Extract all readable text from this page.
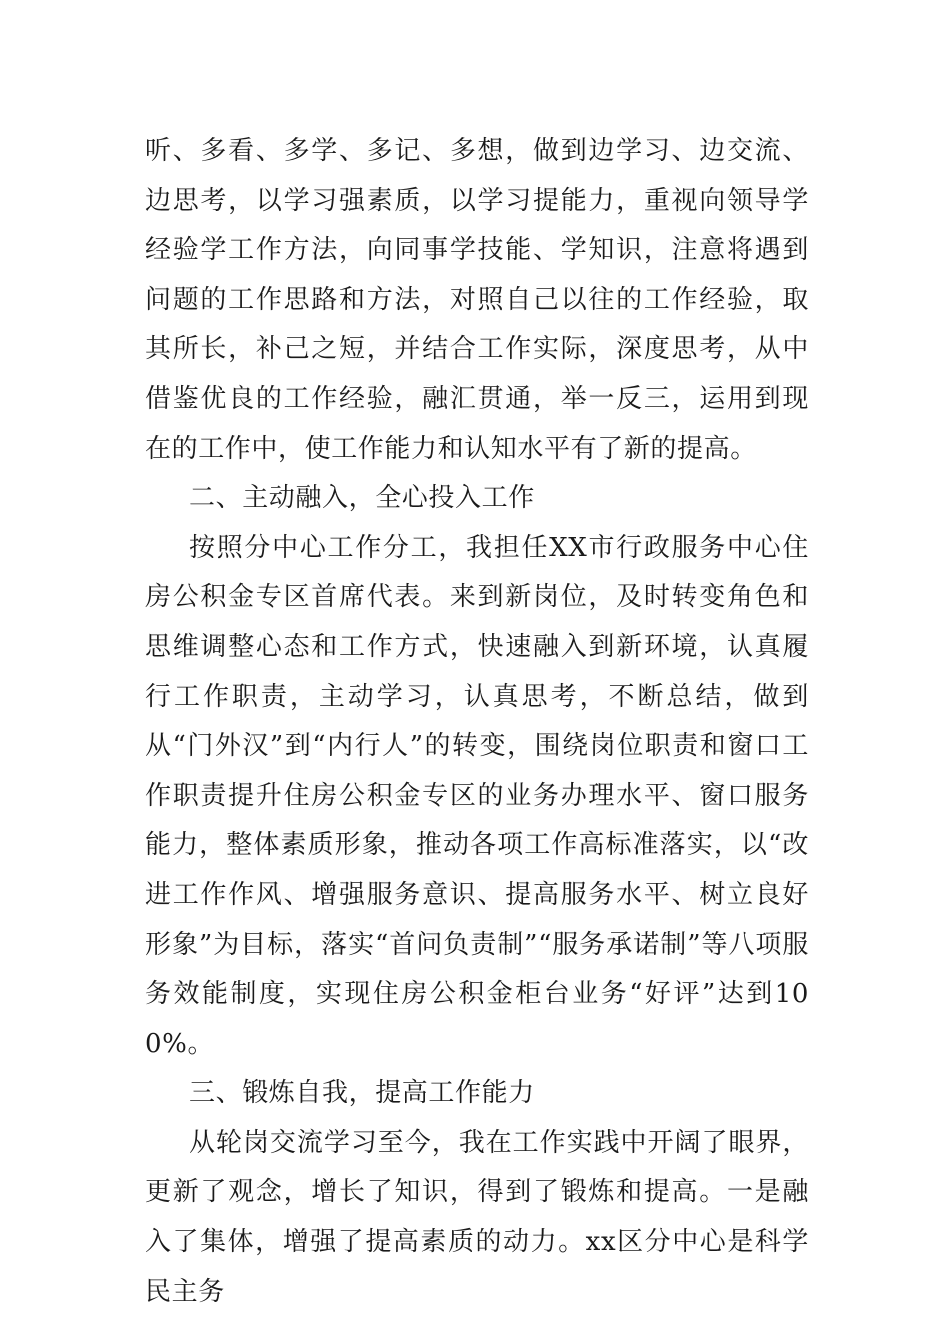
听、多看、多学、多记、多想，做到边学习、边交流、边思考，以学习强素质，以学习提能力，重视向领导学经验学工作方法，向同事学技能、学知识，注意将遇到问题的工作思路和方法，对照自己以往的工作经验，取其所长，补己之短，并结合工作实际，深度思考，从中借鉴优良的工作经验，融汇贯通，举一反三，运用到现在的工作中，使工作能力和认知水平有了新的提高。

二、主动融入，全心投入工作

按照分中心工作分工，我担任XX市行政服务中心住房公积金专区首席代表。来到新岗位，及时转变角色和思维调整心态和工作方式，快速融入到新环境，认真履行工作职责，主动学习，认真思考，不断总结，做到从“门外汉”到“内行人”的转变，围绕岗位职责和窗口工作职责提升住房公积金专区的业务办理水平、窗口服务能力，整体素质形象，推动各项工作高标准落实，以“改进工作作风、增强服务意识、提高服务水平、树立良好形象”为目标，落实“首问负责制”“服务承诺制”等八项服务效能制度，实现住房公积金柜台业务“好评”达到100%。

三、锻炼自我，提高工作能力

从轮岗交流学习至今，我在工作实践中开阔了眼界，更新了观念，增长了知识，得到了锻炼和提高。一是融入了集体，增强了提高素质的动力。xx区分中心是科学民主务
